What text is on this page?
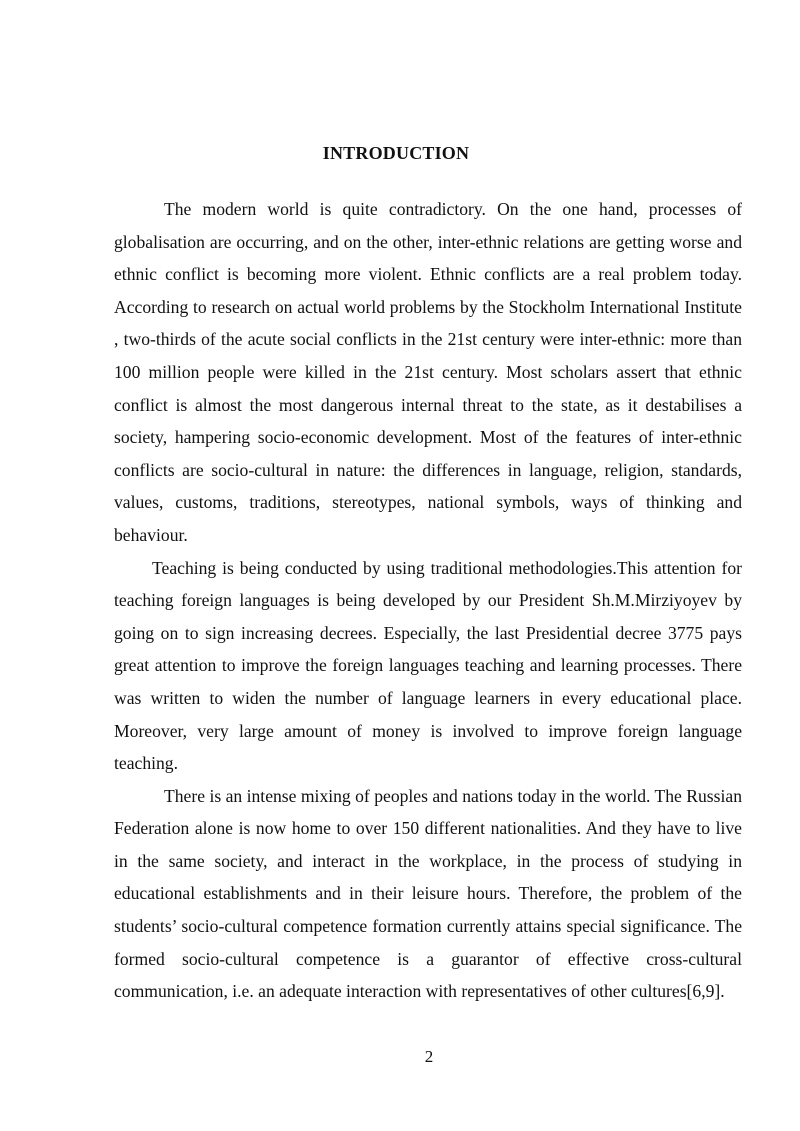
INTRODUCTION

The modern world is quite contradictory. On the one hand, processes of globalisation are occurring, and on the other, inter-ethnic relations are getting worse and ethnic conflict is becoming more violent. Ethnic conflicts are a real problem today. According to research on actual world problems by the Stockholm International Institute , two-thirds of the acute social conflicts in the 21st century were inter-ethnic: more than 100 million people were killed in the 21st century. Most scholars assert that ethnic conflict is almost the most dangerous internal threat to the state, as it destabilises a society, hampering socio-economic development. Most of the features of inter-ethnic conflicts are socio-cultural in nature: the differences in language, religion, standards, values, customs, traditions, stereotypes, national symbols, ways of thinking and behaviour.

Teaching is being conducted by using traditional methodologies.This attention for teaching foreign languages is being developed by our President Sh.M.Mirziyoyev by going on to sign increasing decrees. Especially, the last Presidential decree 3775 pays great attention to improve the foreign languages teaching and learning processes. There was written to widen the number of language learners in every educational place. Moreover, very large amount of money is involved to improve foreign language teaching.

There is an intense mixing of peoples and nations today in the world. The Russian Federation alone is now home to over 150 different nationalities. And they have to live in the same society, and interact in the workplace, in the process of studying in educational establishments and in their leisure hours. Therefore, the problem of the students’ socio-cultural competence formation currently attains special significance. The formed socio-cultural competence is a guarantor of effective cross-cultural communication, i.e. an adequate interaction with representatives of other cultures[6,9].

2
